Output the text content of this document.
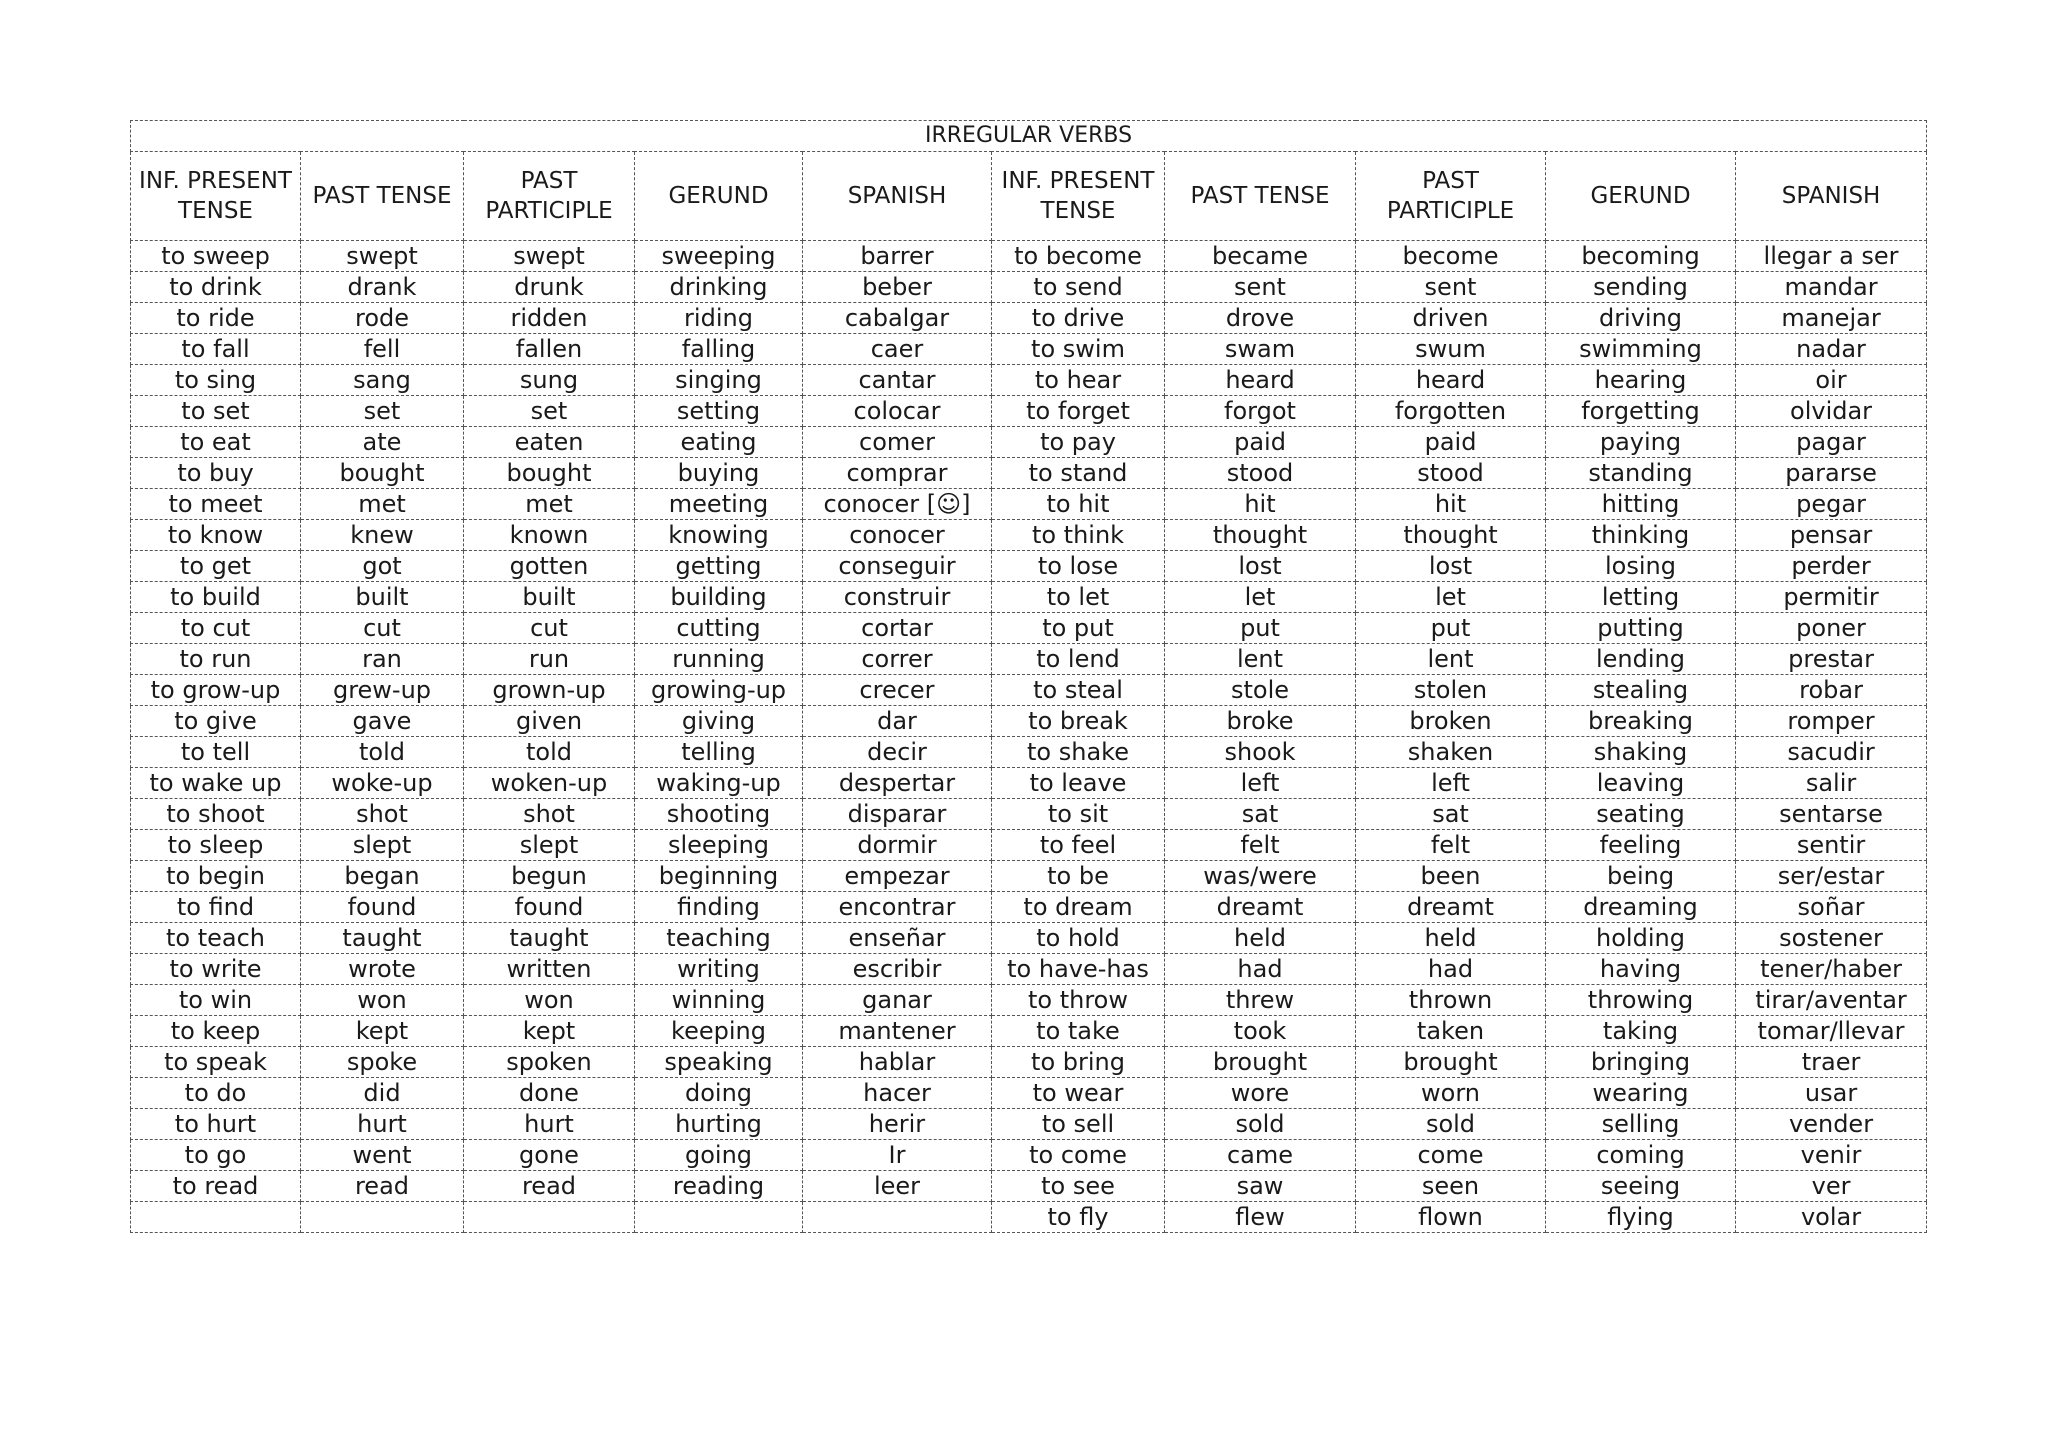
IRREGULAR VERBS									
INF. PRESENT TENSE	PAST TENSE	PAST PARTICIPLE	GERUND	SPANISH	INF. PRESENT TENSE	PAST TENSE	PAST PARTICIPLE	GERUND	SPANISH
to sweep	swept	swept	sweeping	barrer	to become	became	become	becoming	llegar a ser
to drink	drank	drunk	drinking	beber	to send	sent	sent	sending	mandar
to ride	rode	ridden	riding	cabalgar	to drive	drove	driven	driving	manejar
to fall	fell	fallen	falling	caer	to swim	swam	swum	swimming	nadar
to sing	sang	sung	singing	cantar	to hear	heard	heard	hearing	oir
to set	set	set	setting	colocar	to forget	forgot	forgotten	forgetting	olvidar
to eat	ate	eaten	eating	comer	to pay	paid	paid	paying	pagar
to buy	bought	bought	buying	comprar	to stand	stood	stood	standing	pararse
to meet	met	met	meeting	conocer [☺]	to hit	hit	hit	hitting	pegar
to know	knew	known	knowing	conocer	to think	thought	thought	thinking	pensar
to get	got	gotten	getting	conseguir	to lose	lost	lost	losing	perder
to build	built	built	building	construir	to let	let	let	letting	permitir
to cut	cut	cut	cutting	cortar	to put	put	put	putting	poner
to run	ran	run	running	correr	to lend	lent	lent	lending	prestar
to grow-up	grew-up	grown-up	growing-up	crecer	to steal	stole	stolen	stealing	robar
to give	gave	given	giving	dar	to break	broke	broken	breaking	romper
to tell	told	told	telling	decir	to shake	shook	shaken	shaking	sacudir
to wake up	woke-up	woken-up	waking-up	despertar	to leave	left	left	leaving	salir
to shoot	shot	shot	shooting	disparar	to sit	sat	sat	seating	sentarse
to sleep	slept	slept	sleeping	dormir	to feel	felt	felt	feeling	sentir
to begin	began	begun	beginning	empezar	to be	was/were	been	being	ser/estar
to find	found	found	finding	encontrar	to dream	dreamt	dreamt	dreaming	soñar
to teach	taught	taught	teaching	enseñar	to hold	held	held	holding	sostener
to write	wrote	written	writing	escribir	to have-has	had	had	having	tener/haber
to win	won	won	winning	ganar	to throw	threw	thrown	throwing	tirar/aventar
to keep	kept	kept	keeping	mantener	to take	took	taken	taking	tomar/llevar
to speak	spoke	spoken	speaking	hablar	to bring	brought	brought	bringing	traer
to do	did	done	doing	hacer	to wear	wore	worn	wearing	usar
to hurt	hurt	hurt	hurting	herir	to sell	sold	sold	selling	vender
to go	went	gone	going	Ir	to come	came	come	coming	venir
to read	read	read	reading	leer	to see	saw	seen	seeing	ver
					to fly	flew	flown	flying	volar
